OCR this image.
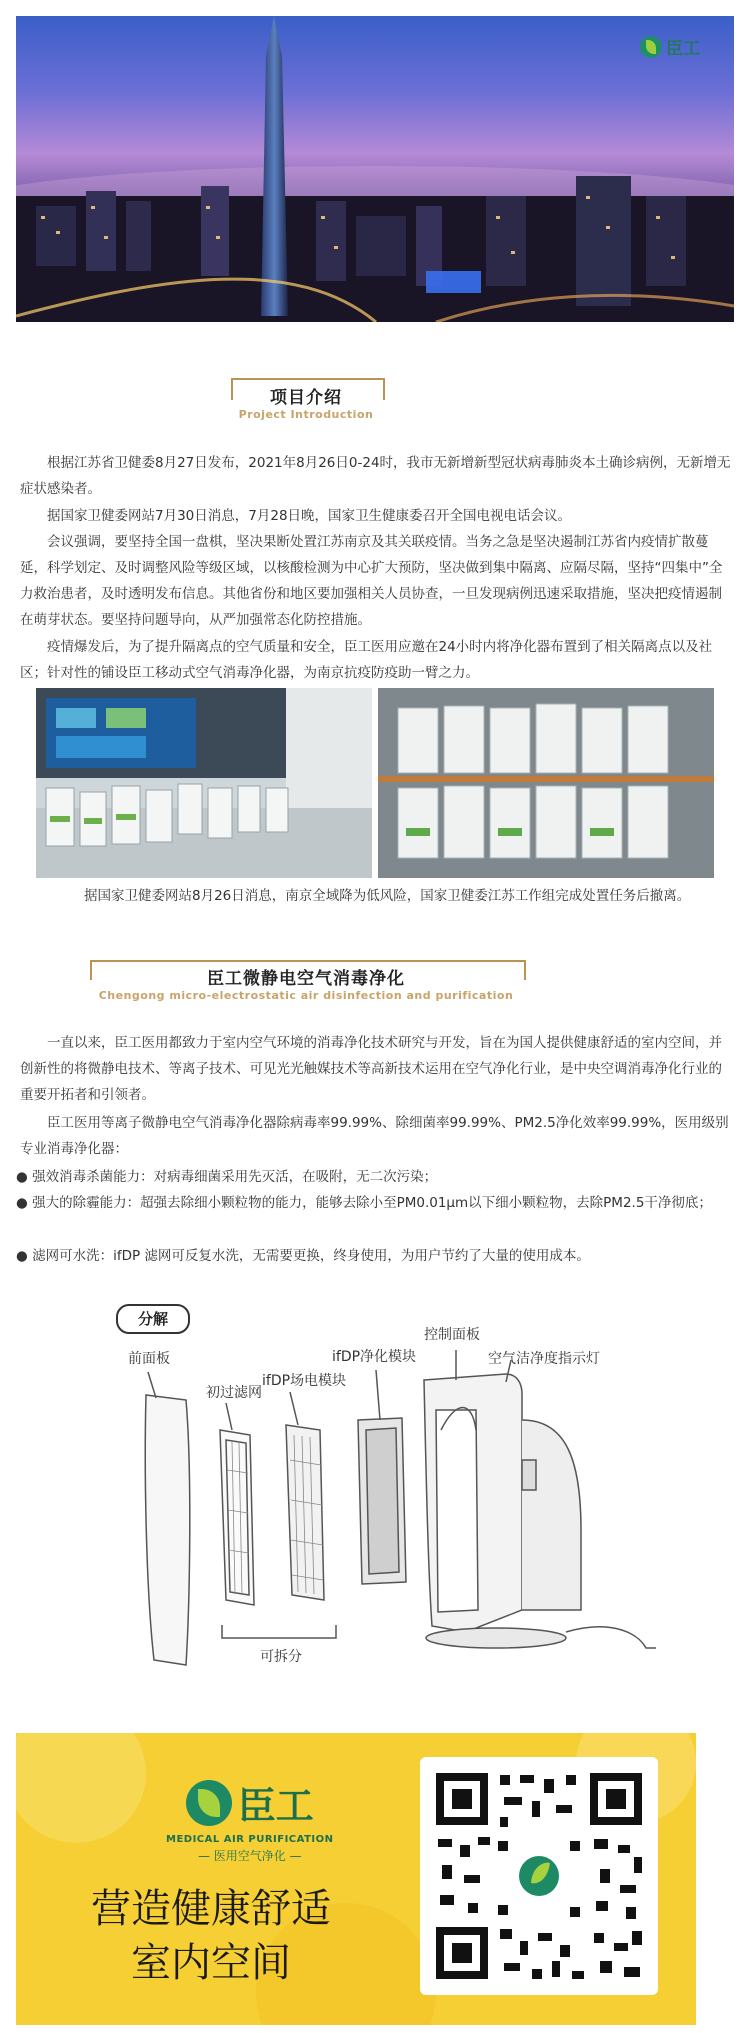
臣工
项目介绍
Project Introduction

根据江苏省卫健委8月27日发布，2021年8月26日0-24时，我市无新增新型冠状病毒肺炎本土确诊病例，无新增无症状感染者。

据国家卫健委网站7月30日消息，7月28日晚，国家卫生健康委召开全国电视电话会议。

会议强调，要坚持全国一盘棋，坚决果断处置江苏南京及其关联疫情。当务之急是坚决遏制江苏省内疫情扩散蔓延，科学划定、及时调整风险等级区域，以核酸检测为中心扩大预防，坚决做到集中隔离、应隔尽隔，坚持“四集中”全力救治患者，及时透明发布信息。其他省份和地区要加强相关人员协查，一旦发现病例迅速采取措施，坚决把疫情遏制在萌芽状态。要坚持问题导向，从严加强常态化防控措施。

疫情爆发后，为了提升隔离点的空气质量和安全，臣工医用应邀在24小时内将净化器布置到了相关隔离点以及社区；针对性的铺设臣工移动式空气消毒净化器，为南京抗疫防疫助一臂之力。

据国家卫健委网站8月26日消息，南京全域降为低风险，国家卫健委江苏工作组完成处置任务后撤离。
臣工微静电空气消毒净化
Chengong micro-electrostatic air disinfection and purification

一直以来，臣工医用都致力于室内空气环境的消毒净化技术研究与开发，旨在为国人提供健康舒适的室内空间，并创新性的将微静电技术、等离子技术、可见光光触媒技术等高新技术运用在空气净化行业，是中央空调消毒净化行业的重要开拓者和引领者。

臣工医用等离子微静电空气消毒净化器除病毒率99.99%、除细菌率99.99%、PM2.5净化效率99.99%，医用级别专业消毒净化器：

● 强效消毒杀菌能力：对病毒细菌采用先灭活，在吸附，无二次污染；

● 强大的除霾能力：超强去除细小颗粒物的能力，能够去除小至PM0.01μm以下细小颗粒物，去除PM2.5干净彻底；

● 滤网可水洗：ifDP 滤网可反复水洗，无需要更换，终身使用，为用户节约了大量的使用成本。

分解
前面板
初过滤网
ifDP场电模块
ifDP净化模块
控制面板
空气洁净度指示灯
可拆分
臣工
MEDICAL AIR PURIFICATION
— 医用空气净化 —
营造健康舒适
室内空间
